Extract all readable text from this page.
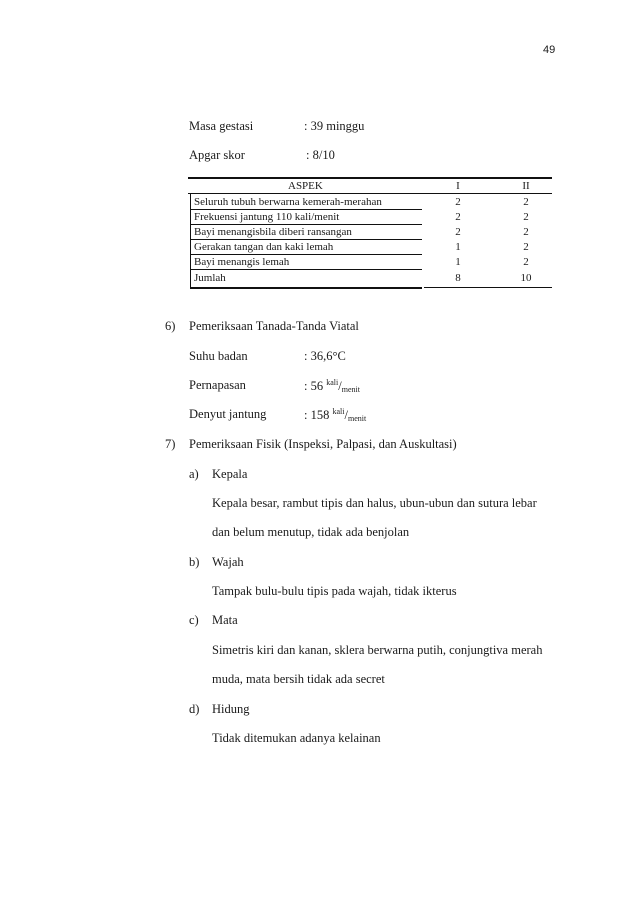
49
Masa gestasi	: 39 minggu
Apgar skor	: 8/10
ASPEK	I	II
Seluruh tubuh berwarna kemerah-merahan	2	2
Frekuensi jantung 110 kali/menit	2	2
Bayi menangisbila diberi ransangan	2	2
Gerakan tangan dan kaki lemah	1	2
Bayi menangis lemah	1	2
Jumlah	8	10
6) Pemeriksaan Tanada-Tanda Viatal
Suhu badan	: 36,6°C
Pernapasan	: 56 $^{kali}/_{menit}$
Denyut jantung	: 158 $^{kali}/_{menit}$
7) Pemeriksaan Fisik (Inspeksi, Palpasi, dan Auskultasi)
a) Kepala
Kepala besar, rambut tipis dan halus, ubun-ubun dan sutura lebar
dan belum menutup, tidak ada benjolan
b) Wajah
Tampak bulu-bulu tipis pada wajah, tidak ikterus
c) Mata
Simetris kiri dan kanan, sklera berwarna putih, conjungtiva merah
muda, mata bersih tidak ada secret
d) Hidung
Tidak ditemukan adanya kelainan
